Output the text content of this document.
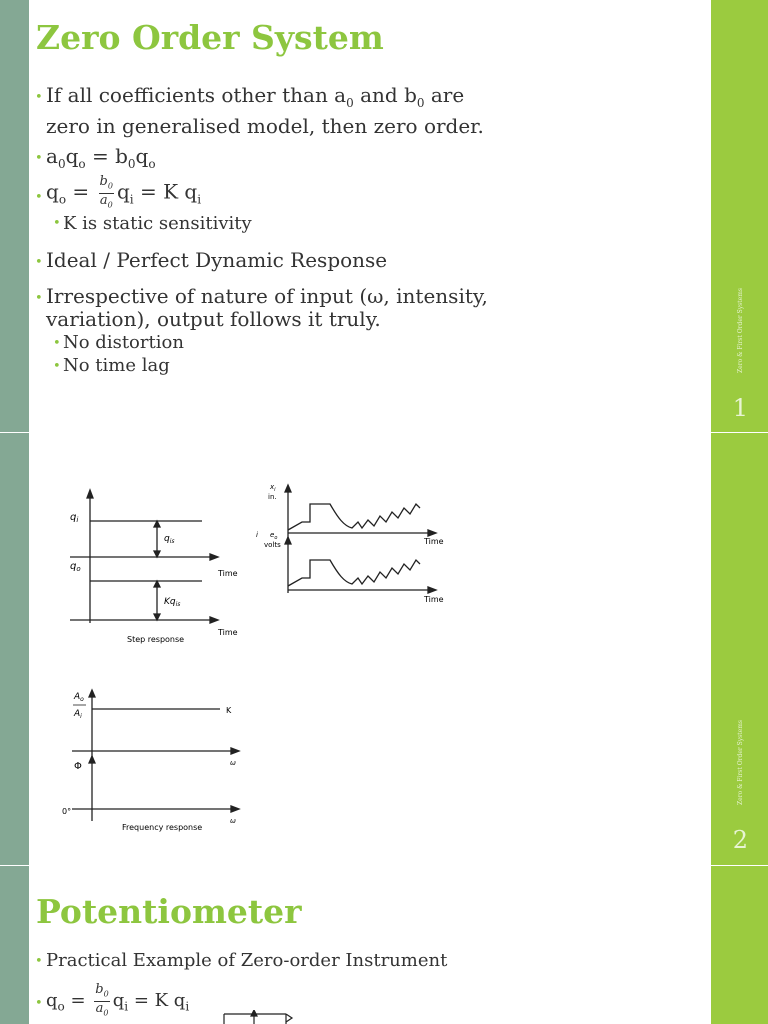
Zero & First Order Systems
1
Zero Order System
• If all coefficients other than $a_0$ and $b_0$ are
zero in generalised model, then zero order.
• $a_0q_o = b_0q_o$
• $q_o = \frac{b_0}{a_0} q_i = K$ $q_i$
• K is static sensitivity
• Ideal / Perfect Dynamic Response
• Irrespective of nature of input (ω, intensity,
variation), output follows it truly.
• No distortion
• No time lag
Zero & First Order Systems
2
$q_i$
$q_{is}$
$q_o$	Time
$Kq_{is}$
Time
Step response
$x_i$
in.
Time
i $e_o$
volts
Time
$A_o$
$A_i$
K
ω
Φ
ω
0°
Frequency response
Potentiometer
• Practical Example of Zero-order Instrument
• $q_o = \frac{b_0}{a_0} q_i = K$ $q_i$
